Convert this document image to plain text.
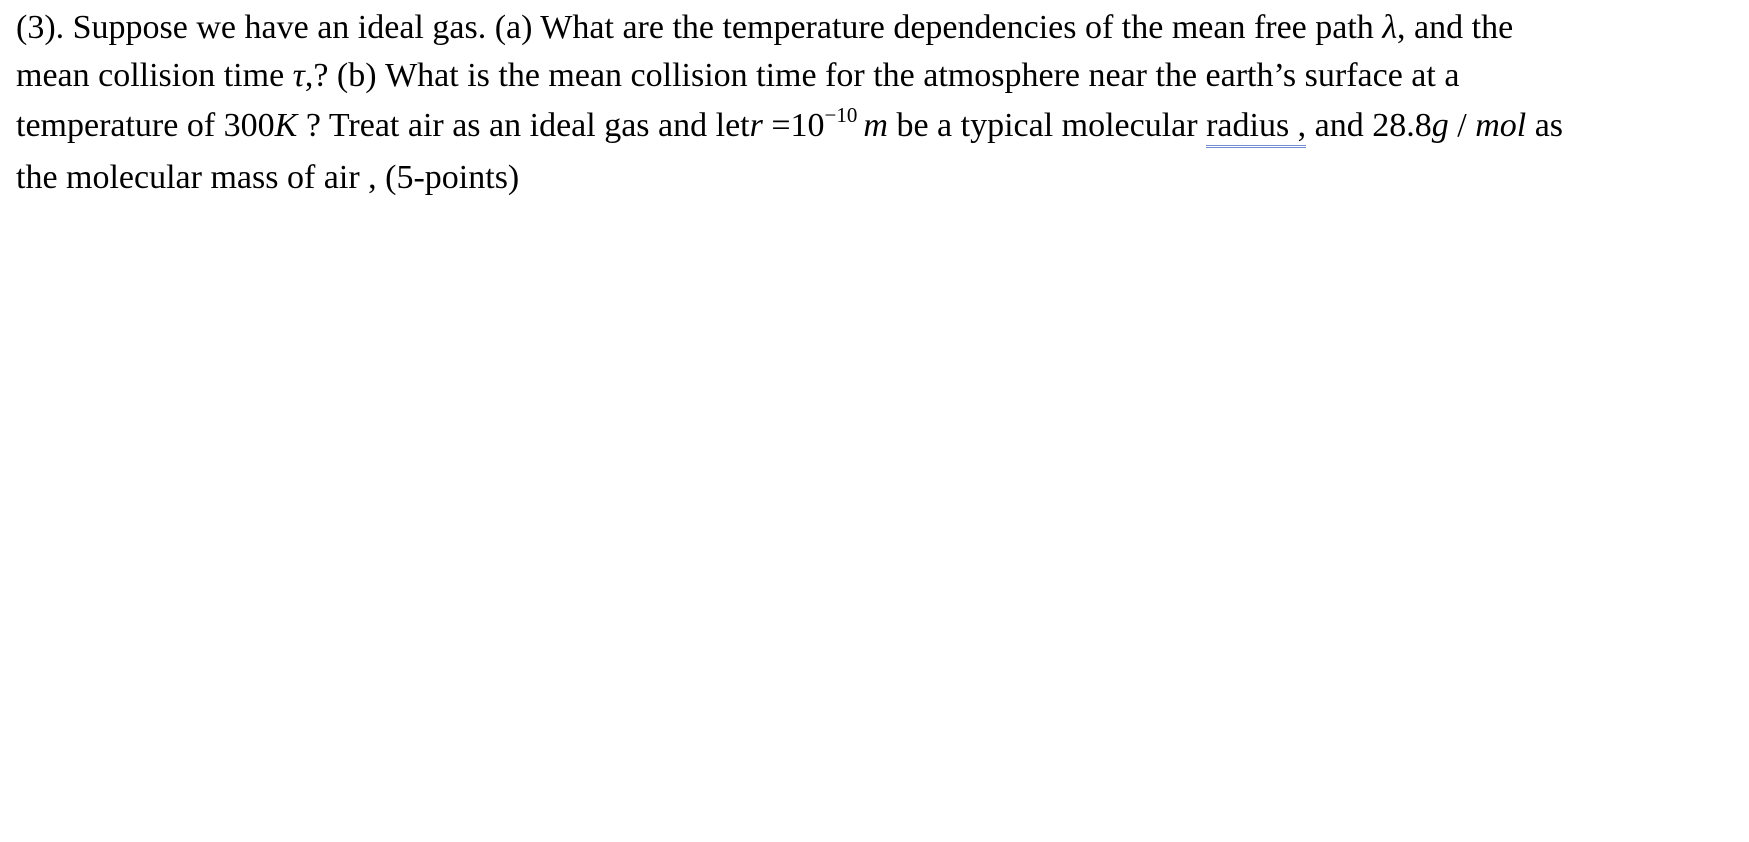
(3). Suppose we have an ideal gas. (a) What are the temperature dependencies of the mean free path λ, and the
mean collision time τ,? (b) What is the mean collision time for the atmosphere near the earth’s surface at a
temperature of 300K ? Treat air as an ideal gas and letr $=10^{-10}$ m be a typical molecular radius , and 28.8g / mol as
the molecular mass of air , (5-points)
